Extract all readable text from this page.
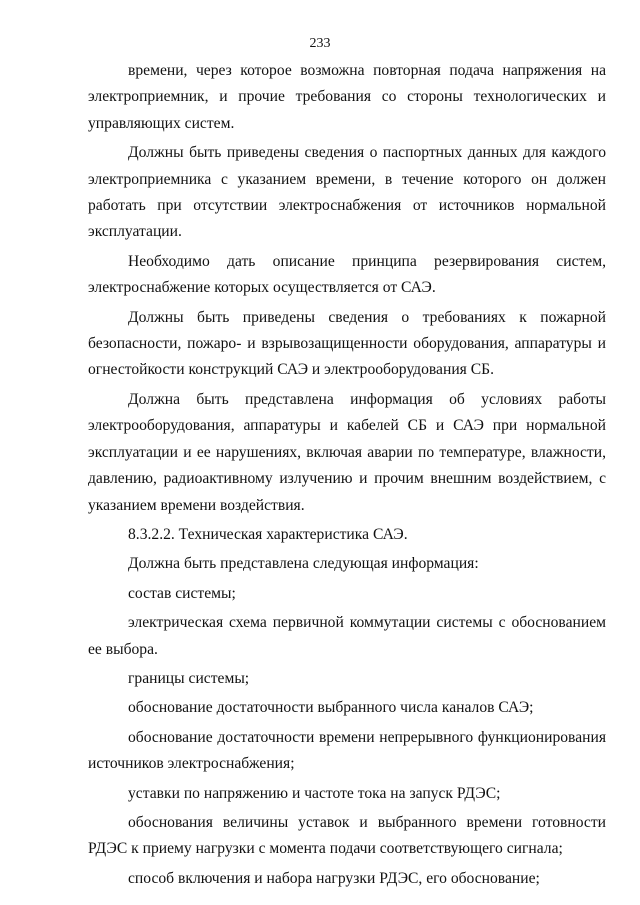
233

времени, через которое возможна повторная подача напряжения на электроприемник, и прочие требования со стороны технологических и управляющих систем.

Должны быть приведены сведения о паспортных данных для каждого электроприемника с указанием времени, в течение которого он должен работать при отсутствии электроснабжения от источников нормальной эксплуатации.

Необходимо дать описание принципа резервирования систем, электроснабжение которых осуществляется от САЭ.

Должны быть приведены сведения о требованиях к пожарной безопасности, пожаро- и взрывозащищенности оборудования, аппаратуры и огнестойкости конструкций САЭ и электрооборудования СБ.

Должна быть представлена информация об условиях работы электрооборудования, аппаратуры и кабелей СБ и САЭ при нормальной эксплуатации и ее нарушениях, включая аварии по температуре, влажности, давлению, радиоактивному излучению и прочим внешним воздействием, с указанием времени воздействия.

8.3.2.2. Техническая характеристика САЭ.

Должна быть представлена следующая информация:

состав системы;

электрическая схема первичной коммутации системы с обоснованием ее выбора.

границы системы;

обоснование достаточности выбранного числа каналов САЭ;

обоснование достаточности времени непрерывного функционирования источников электроснабжения;

уставки по напряжению и частоте тока на запуск РДЭС;

обоснования величины уставок и выбранного времени готовности РДЭС к приему нагрузки с момента подачи соответствующего сигнала;

способ включения и набора нагрузки РДЭС, его обоснование;
